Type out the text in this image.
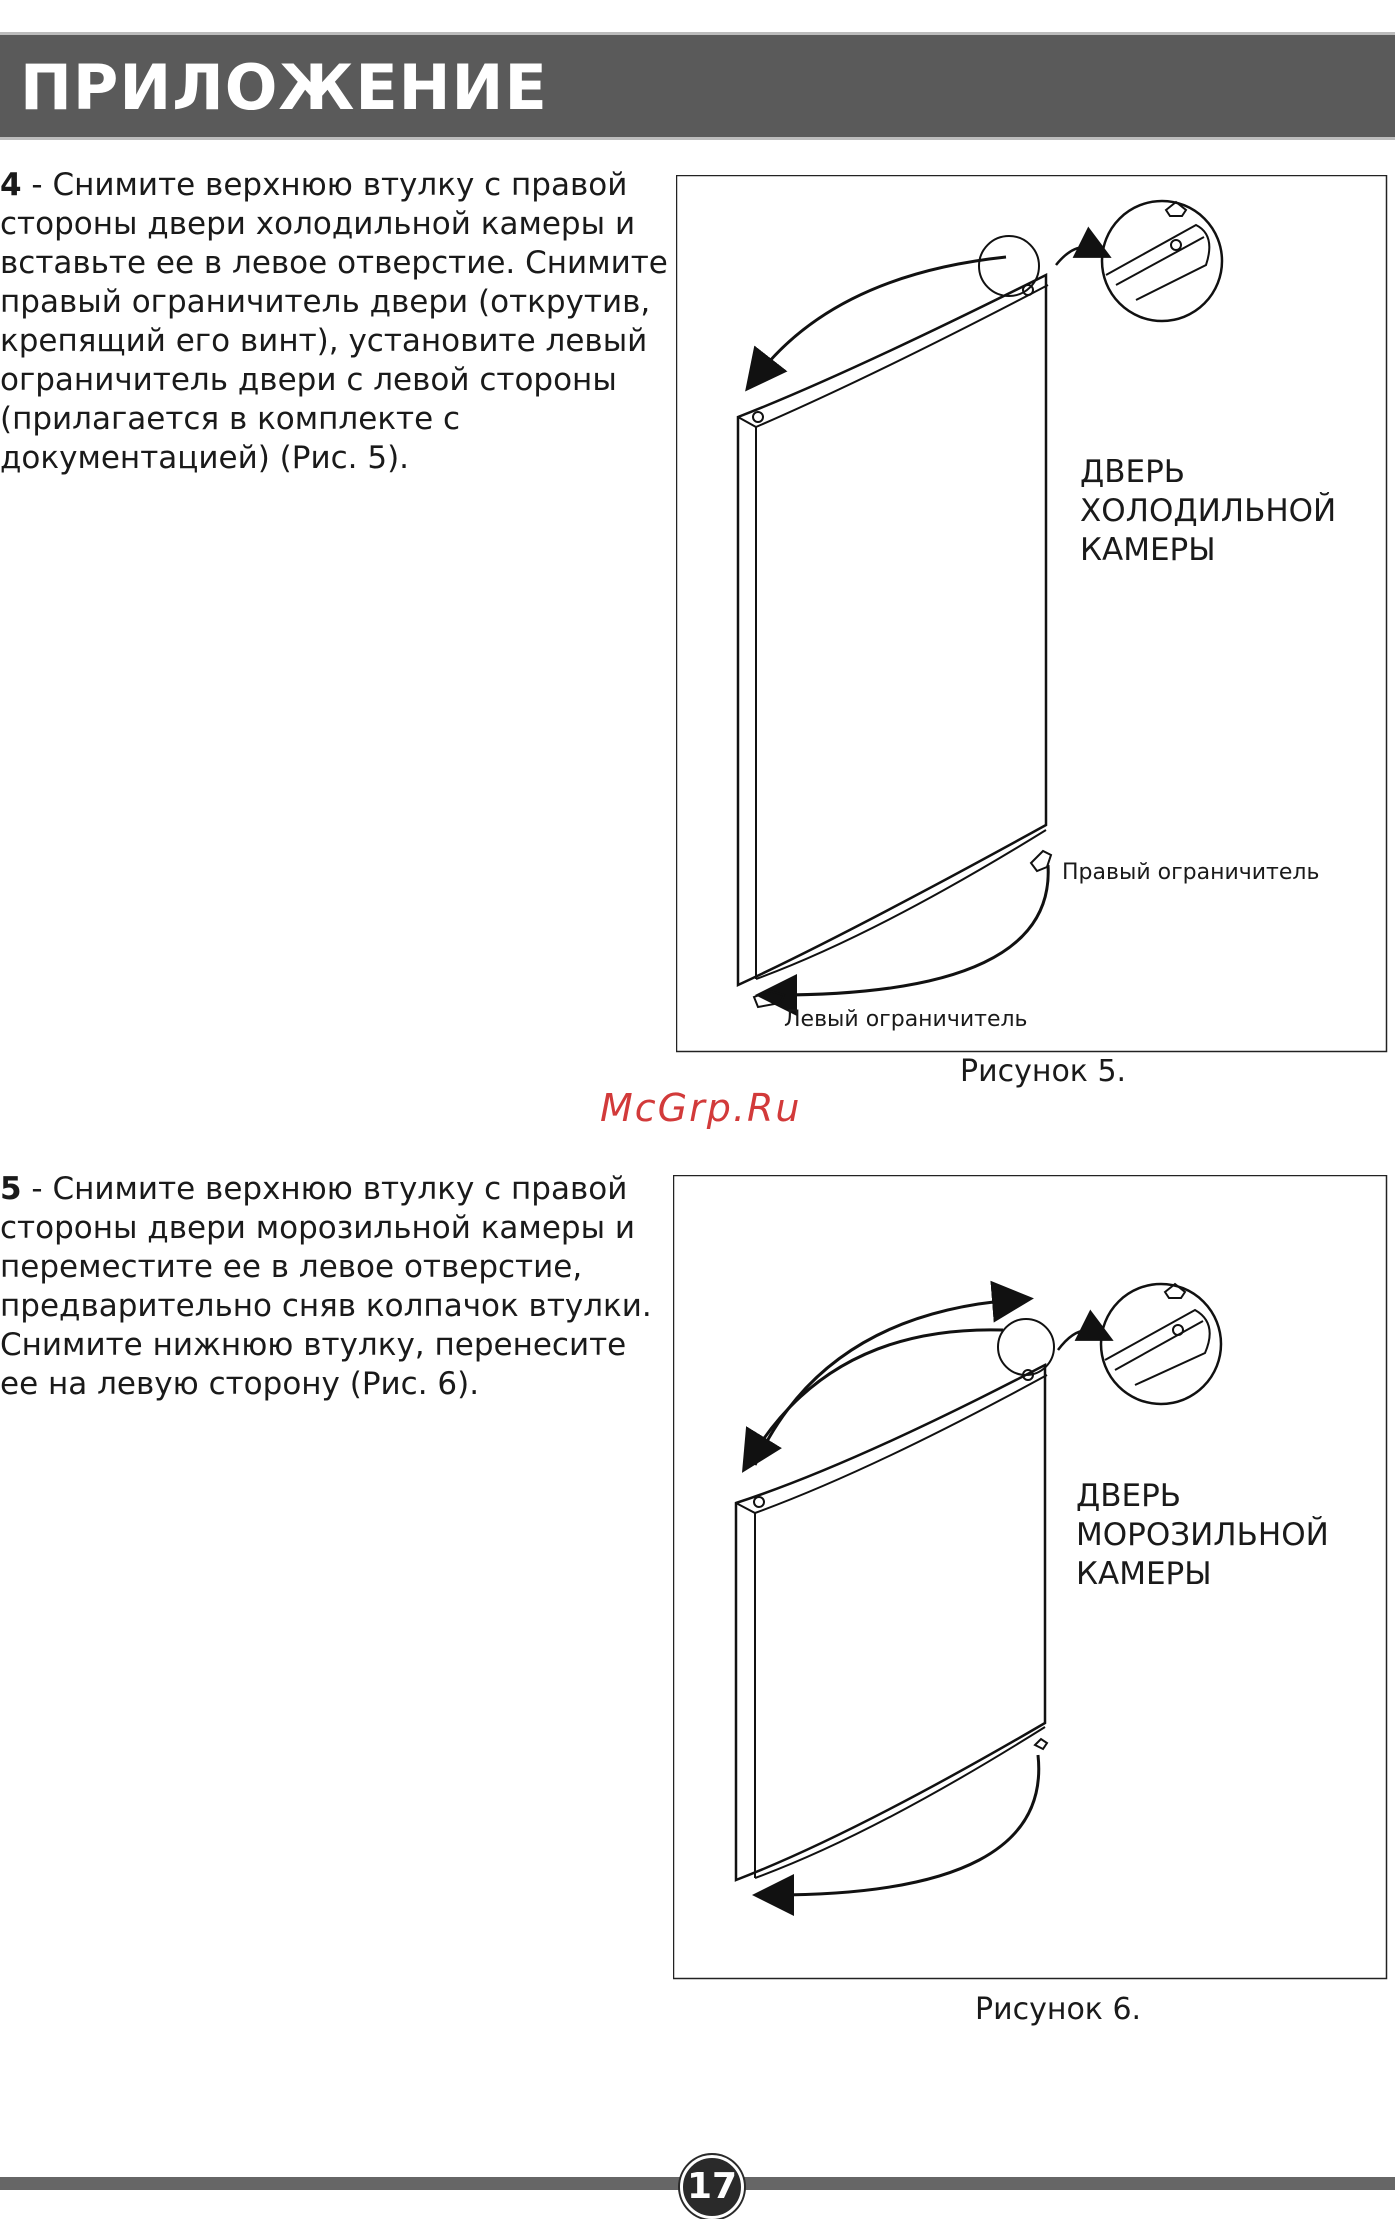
ПРИЛОЖЕНИЕ

4 - Снимите верхнюю втулку с правой стороны двери холодильной камеры и вставьте ее в левое отверстие. Снимите правый ограничитель двери (открутив, крепящий его винт), установите левый ограничитель двери с левой стороны (прилагается в комплекте с документацией) (Рис. 5).	ДВЕРЬ
ХОЛОДИЛЬНОЙ
КАМЕРЫ
Правый ограничитель
Левый ограничитель
Рисунок 5.
McGrp.Ru

5 - Снимите верхнюю втулку с правой стороны двери морозильной камеры и переместите ее в левое отверстие, предварительно сняв колпачок втулки. Снимите нижнюю втулку, перенесите ее на левую сторону (Рис. 6).

ДВЕРЬ
МОРОЗИЛЬНОЙ
КАМЕРЫ
Рисунок 6.
17
